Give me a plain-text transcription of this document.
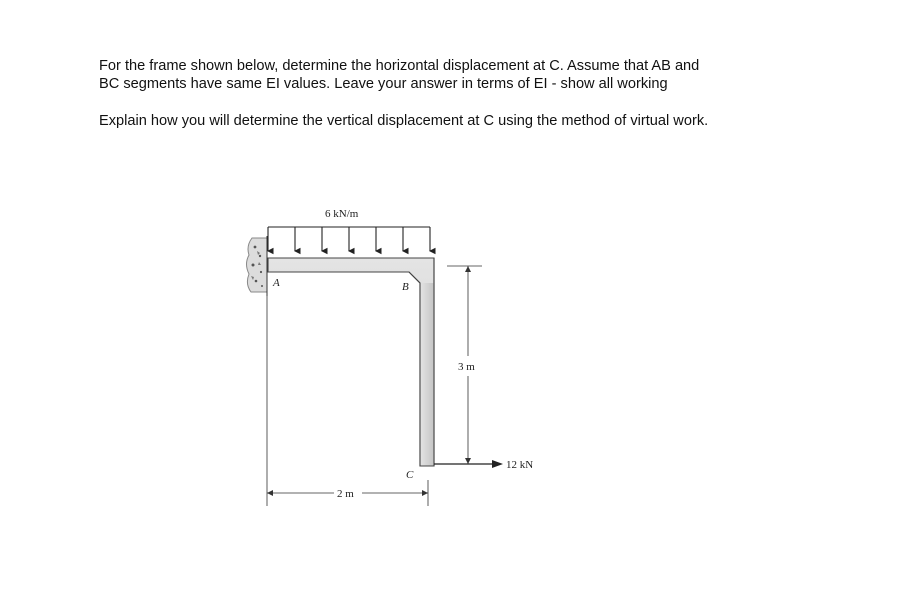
For the frame shown below, determine the horizontal displacement at C. Assume that AB and

BC segments have same EI values. Leave your answer in terms of EI - show all working

Explain how you will determine the vertical displacement at C using the method of virtual work.

6 kN/m
A	B
C
3 m
12 kN
2 m
